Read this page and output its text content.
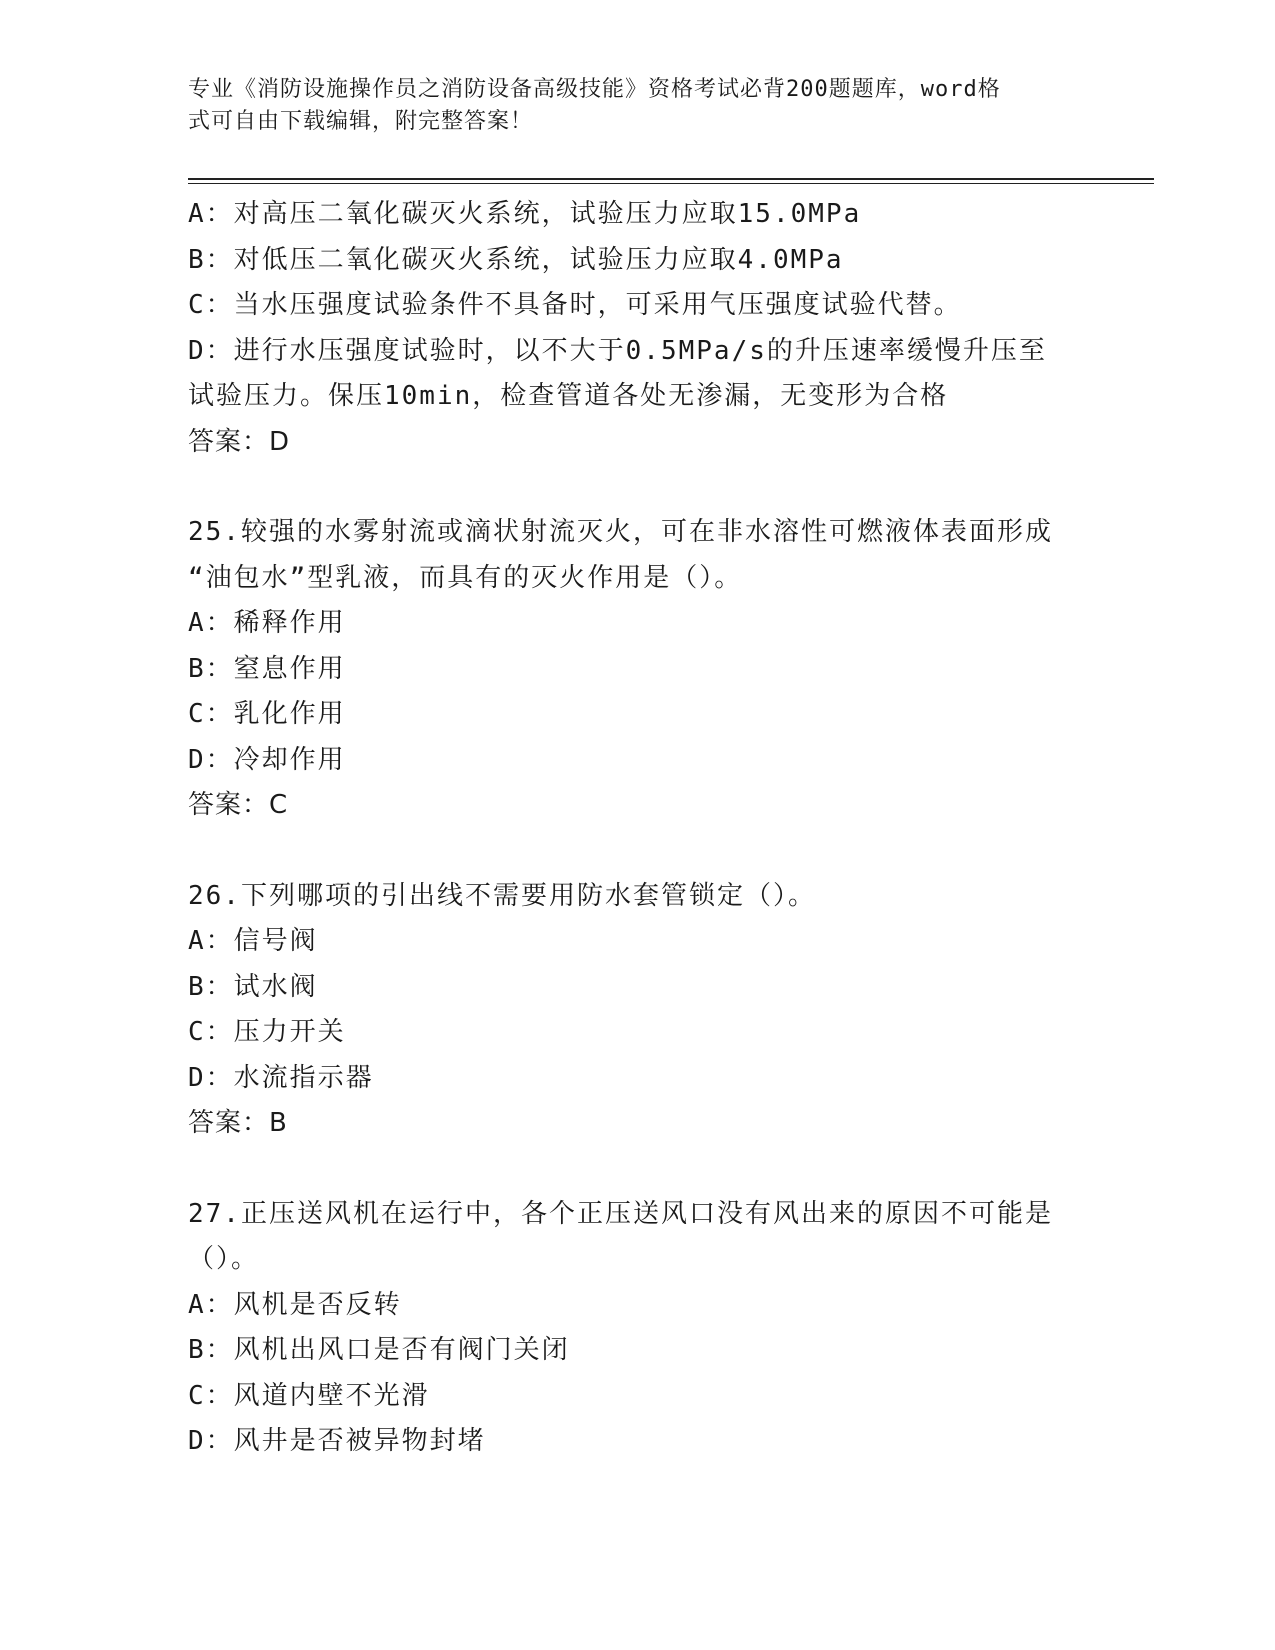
专业《消防设施操作员之消防设备高级技能》资格考试必背200题题库，word格
式可自由下载编辑，附完整答案！
A：对高压二氧化碳灭火系统，试验压力应取15.0MPa
B：对低压二氧化碳灭火系统，试验压力应取4.0MPa
C：当水压强度试验条件不具备时，可采用气压强度试验代替。
D：进行水压强度试验时，以不大于0.5MPa/s的升压速率缓慢升压至
试验压力。保压10min，检查管道各处无渗漏，无变形为合格
答案：D
25.较强的水雾射流或滴状射流灭火，可在非水溶性可燃液体表面形成
“油包水”型乳液，而具有的灭火作用是（）。
A：稀释作用
B：窒息作用
C：乳化作用
D：冷却作用
答案：C
26.下列哪项的引出线不需要用防水套管锁定（）。
A：信号阀
B：试水阀
C：压力开关
D：水流指示器
答案：B
27.正压送风机在运行中，各个正压送风口没有风出来的原因不可能是
（）。
A：风机是否反转
B：风机出风口是否有阀门关闭
C：风道内壁不光滑
D：风井是否被异物封堵
